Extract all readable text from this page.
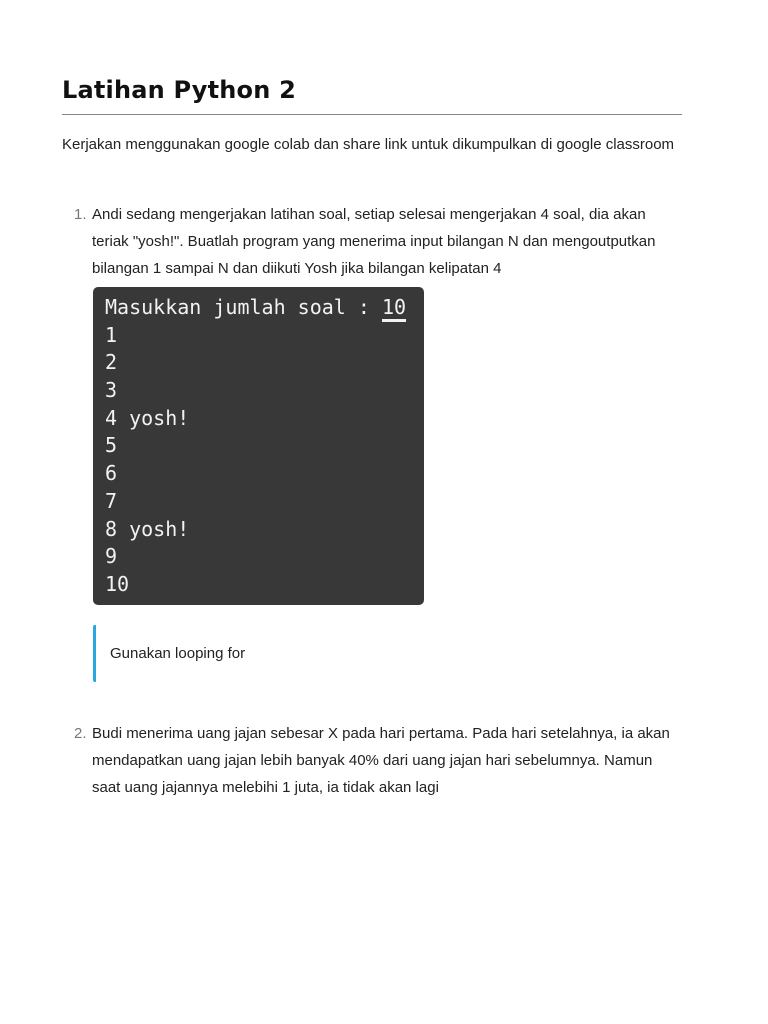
Latihan Python 2

Kerjakan menggunakan google colab dan share link untuk dikumpulkan di google classroom

1. Andi sedang mengerjakan latihan soal, setiap selesai mengerjakan 4 soal, dia akan teriak "yosh!". Buatlah program yang menerima input bilangan N dan mengoutputkan bilangan 1 sampai N dan diikuti Yosh jika bilangan kelipatan 4

2. Budi menerima uang jajan sebesar X pada hari pertama. Pada hari setelahnya, ia akan mendapatkan uang jajan lebih banyak 40% dari uang jajan hari sebelumnya. Namun saat uang jajannya melebihi 1 juta, ia tidak akan lagi

Masukkan jumlah soal : 10
1
2
3
4 yosh!
5
6
7
8 yosh!
9
10
Gunakan looping for
